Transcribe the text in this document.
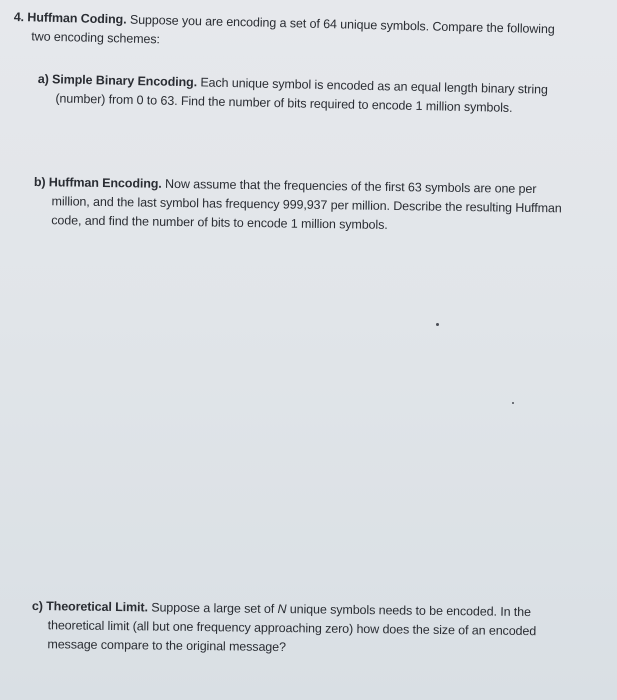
4. Huffman Coding. Suppose you are encoding a set of 64 unique symbols. Compare the following
two encoding schemes:
a) Simple Binary Encoding. Each unique symbol is encoded as an equal length binary string
(number) from 0 to 63. Find the number of bits required to encode 1 million symbols.
b) Huffman Encoding. Now assume that the frequencies of the first 63 symbols are one per
million, and the last symbol has frequency 999,937 per million. Describe the resulting Huffman
code, and find the number of bits to encode 1 million symbols.
c) Theoretical Limit. Suppose a large set of N unique symbols needs to be encoded. In the
theoretical limit (all but one frequency approaching zero) how does the size of an encoded
message compare to the original message?
